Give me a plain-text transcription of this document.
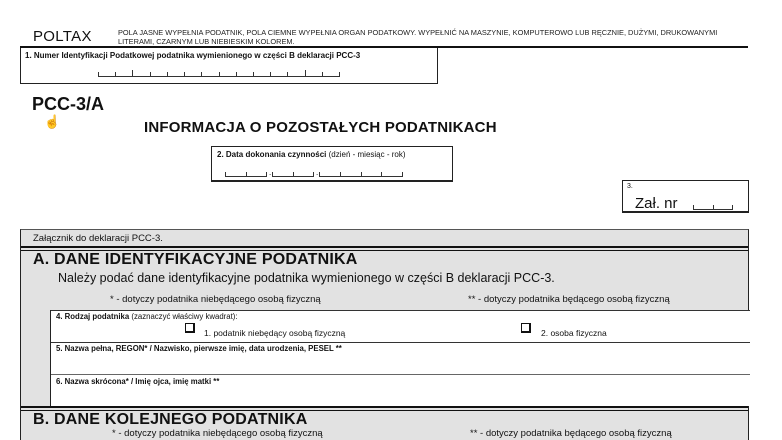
POLTAX	POLA JASNE WYPEŁNIA PODATNIK, POLA CIEMNE WYPEŁNIA ORGAN PODATKOWY. WYPEŁNIĆ NA MASZYNIE, KOMPUTEROWO LUB RĘCZNIE, DUŻYMI, DRUKOWANYMI LITERAMI, CZARNYM LUB NIEBIESKIM KOLOREM.
1. Numer Identyfikacji Podatkowej podatnika wymienionego w części B deklaracji PCC-3
PCC-3/A
☝	INFORMACJA O POZOSTAŁYCH PODATNIKACH
2. Data dokonania czynności (dzień - miesiąc - rok)
.	.
3.
Zał. nr
Załącznik do deklaracji PCC-3.
A. DANE IDENTYFIKACYJNE PODATNIKA
Należy podać dane identyfikacyjne podatnika wymienionego w części B deklaracji PCC-3.
* - dotyczy podatnika niebędącego osobą fizyczną	** - dotyczy podatnika będącego osobą fizyczną
4. Rodzaj podatnika (zaznaczyć właściwy kwadrat):
1. podatnik niebędący osobą fizyczną	2. osoba fizyczna
5. Nazwa pełna, REGON* / Nazwisko, pierwsze imię, data urodzenia, PESEL **
6. Nazwa skrócona* / Imię ojca, imię matki **
B. DANE KOLEJNEGO PODATNIKA
* - dotyczy podatnika niebędącego osobą fizyczną	** - dotyczy podatnika będącego osobą fizyczną
